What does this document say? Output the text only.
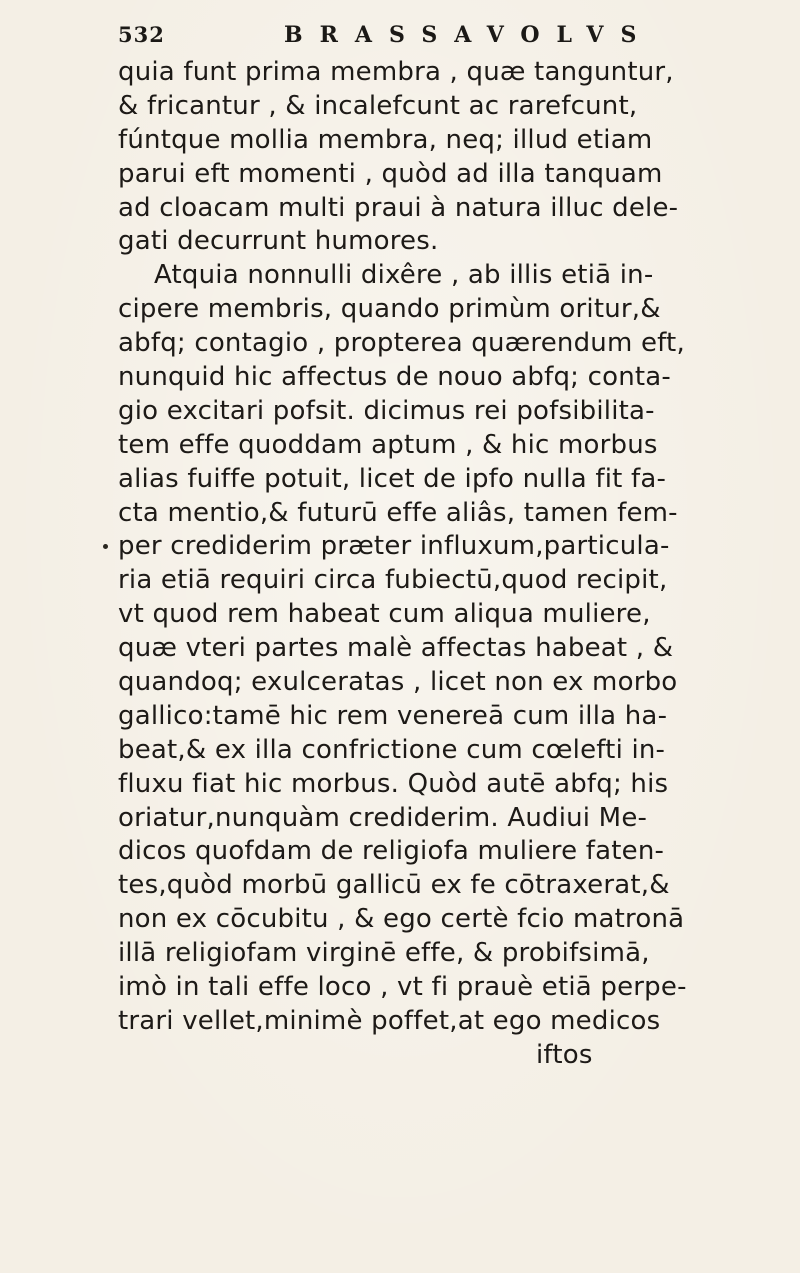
532	BRASSAVOLVS
quia funt prima membra , quæ tanguntur,
& fricantur , & incalefcunt ac rarefcunt,
fúntque mollia membra, neq; illud etiam
parui eft momenti , quòd ad illa tanquam
ad cloacam multi praui à natura illuc dele-
gati decurrunt humores.
Atquia nonnulli dixêre , ab illis etiā in-
cipere membris, quando primùm oritur,&
abfq; contagio , propterea quærendum eft,
nunquid hic affectus de nouo abfq; conta-
gio excitari pofsit. dicimus rei pofsibilita-
tem effe quoddam aptum , & hic morbus
alias fuiffe potuit, licet de ipfo nulla fit fa-
cta mentio,& futurū effe aliâs, tamen fem-
per crediderim præter influxum,particula-
ria etiā requiri circa fubiectū,quod recipit,
vt quod rem habeat cum aliqua muliere,
quæ vteri partes malè affectas habeat , &
quandoq; exulceratas , licet non ex morbo
gallico:tamē hic rem venereā cum illa ha-
beat,& ex illa confrictione cum cœlefti in-
fluxu fiat hic morbus. Quòd autē abfq; his
oriatur,nunquàm crediderim. Audiui Me-
dicos quofdam de religiofa muliere faten-
tes,quòd morbū gallicū ex fe cōtraxerat,&
non ex cōcubitu , & ego certè fcio matronā
illā religiofam virginē effe, & probifsimā,
imò in tali effe loco , vt fi prauè etiā perpe-
trari vellet,minimè poffet,at ego medicos
iftos
